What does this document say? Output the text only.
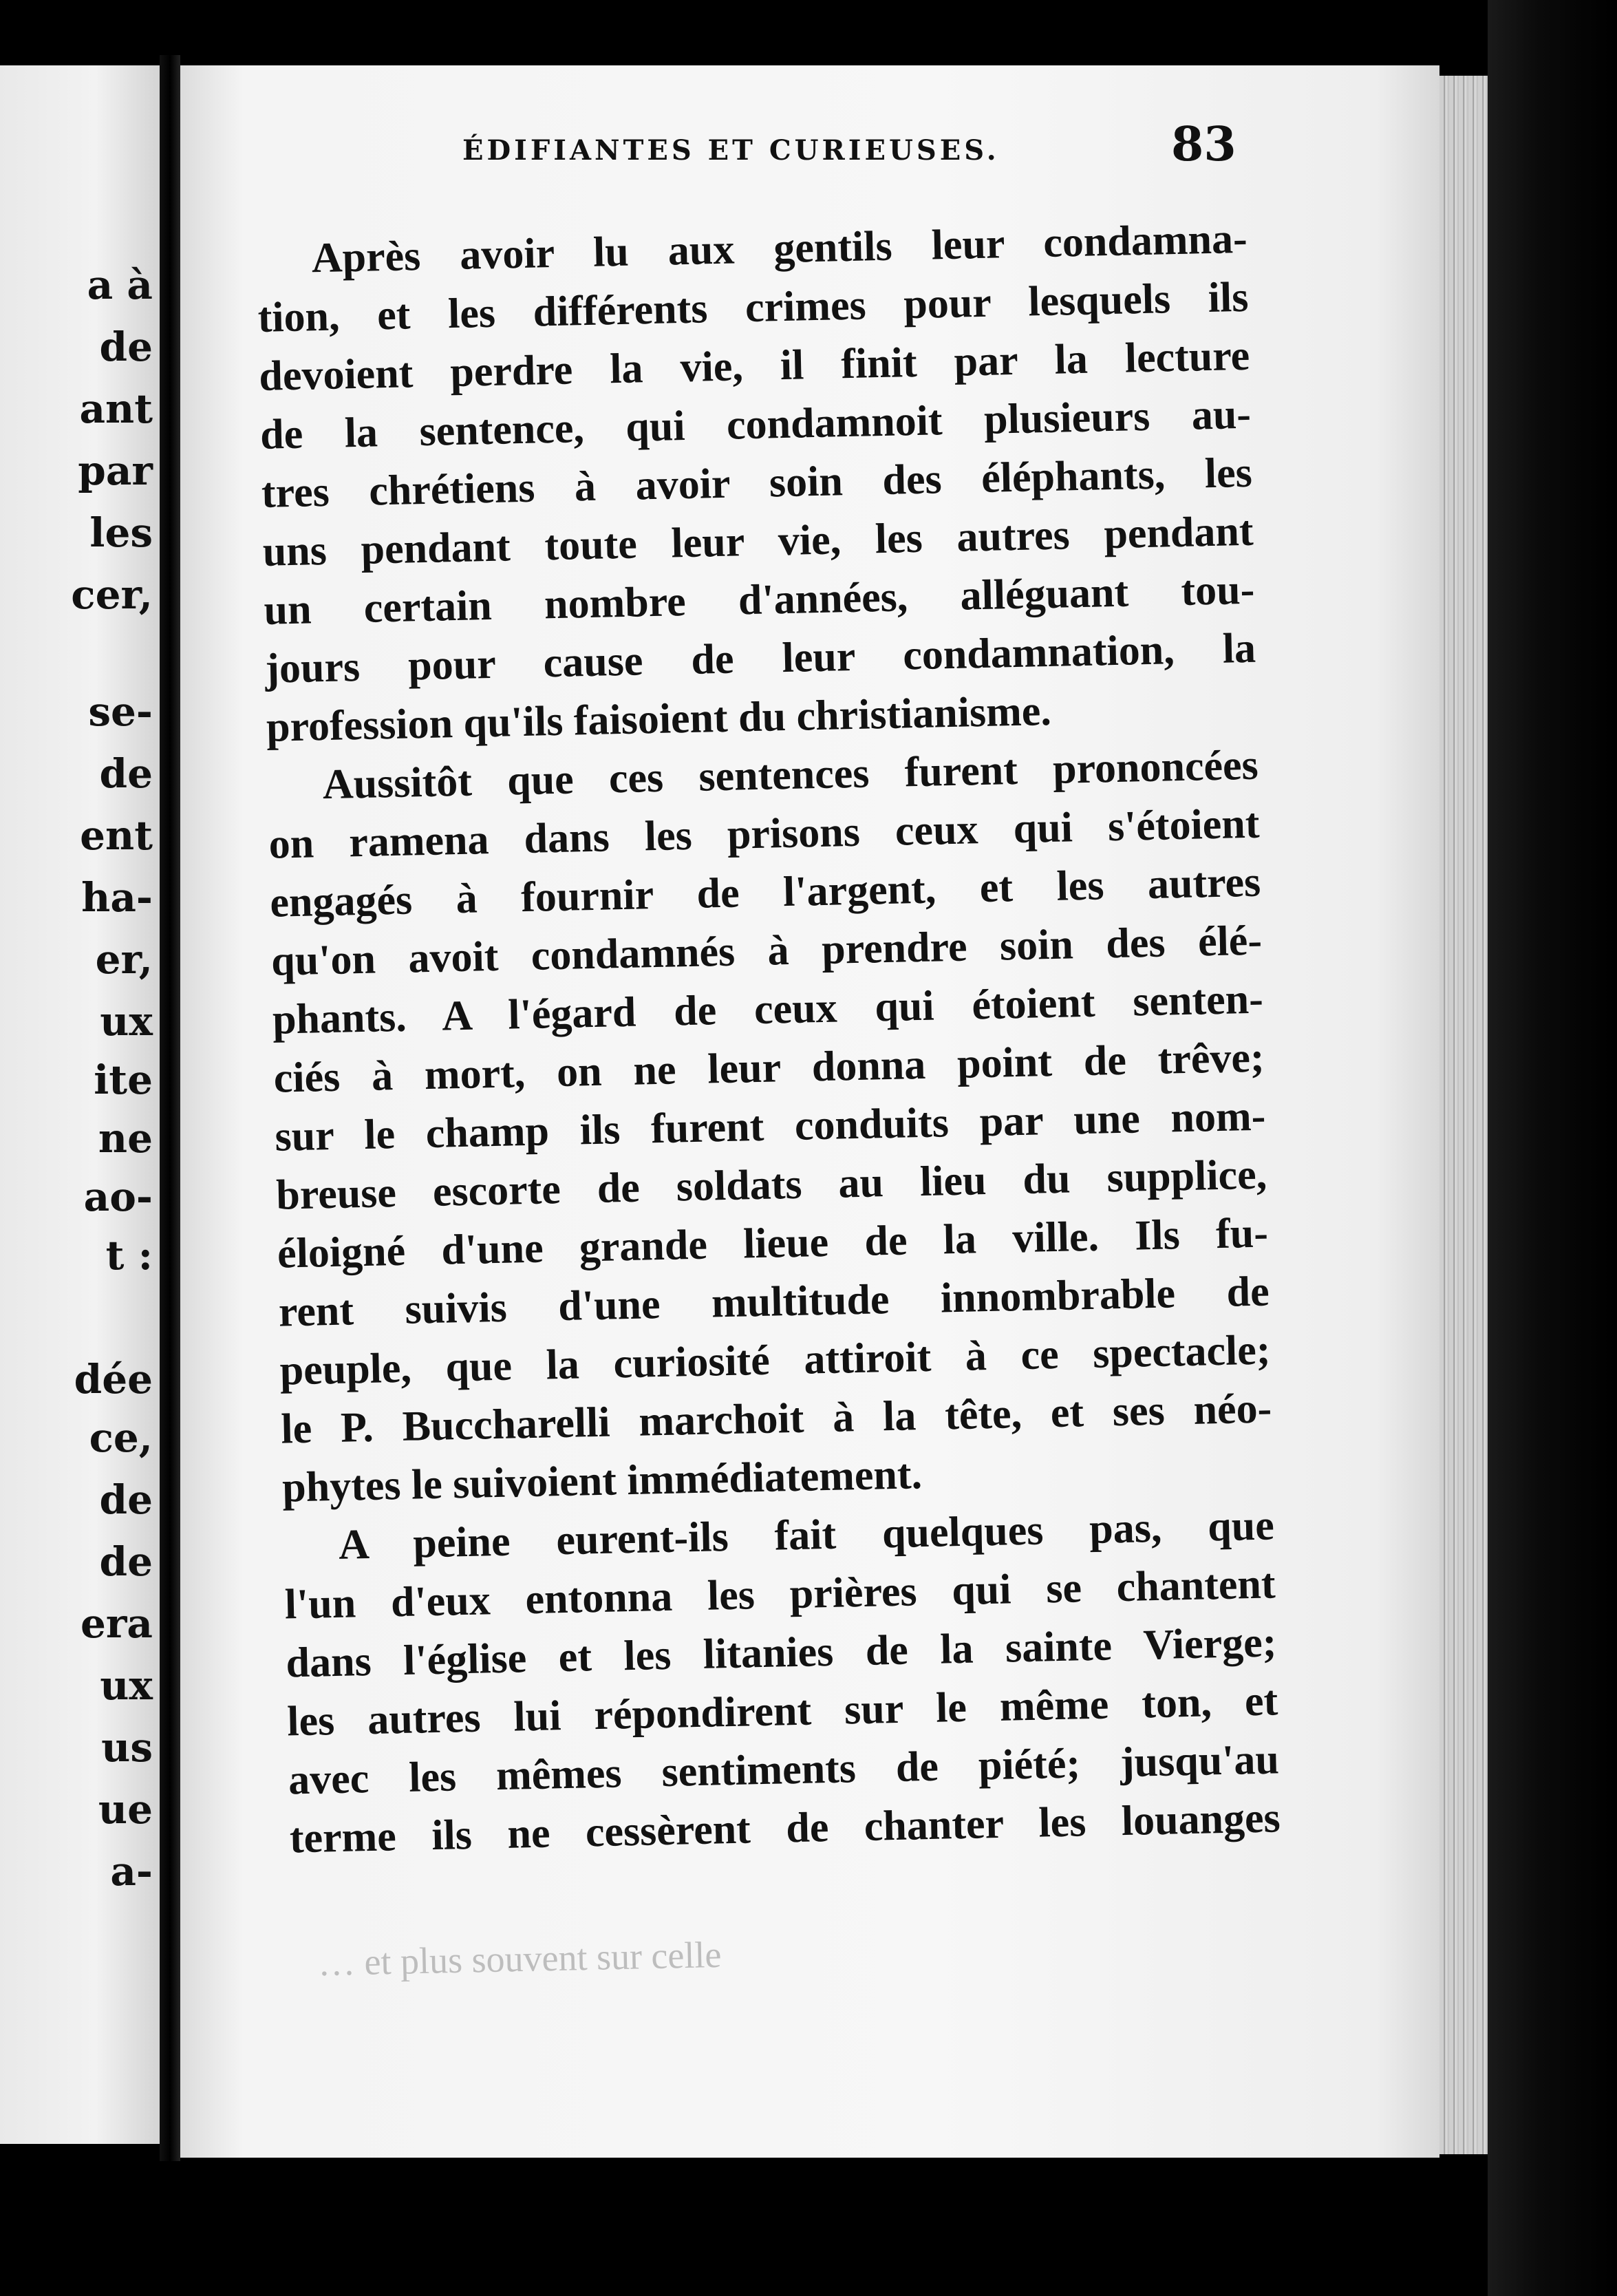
a à
de
ant
par
les
cer,
se-
de
ent
ha-
er,
ux
ite
ne
ao-
t :
dée
ce,
de
de
era
ux
us
ue
a-
ÉDIFIANTES ET CURIEUSES.	83
Après avoir lu aux gentils leur condamna-
tion, et les différents crimes pour lesquels ils
devoient perdre la vie, il finit par la lecture
de la sentence, qui condamnoit plusieurs au-
tres chrétiens à avoir soin des éléphants, les
uns pendant toute leur vie, les autres pendant
un certain nombre d'années, alléguant tou-
jours pour cause de leur condamnation, la
profession qu'ils faisoient du christianisme.
Aussitôt que ces sentences furent prononcées
on ramena dans les prisons ceux qui s'étoient
engagés à fournir de l'argent, et les autres
qu'on avoit condamnés à prendre soin des élé-
phants. A l'égard de ceux qui étoient senten-
ciés à mort, on ne leur donna point de trêve;
sur le champ ils furent conduits par une nom-
breuse escorte de soldats au lieu du supplice,
éloigné d'une grande lieue de la ville. Ils fu-
rent suivis d'une multitude innombrable de
peuple, que la curiosité attiroit à ce spectacle;
le P. Buccharelli marchoit à la tête, et ses néo-
phytes le suivoient immédiatement.
A peine eurent-ils fait quelques pas, que
l'un d'eux entonna les prières qui se chantent
dans l'église et les litanies de la sainte Vierge;
les autres lui répondirent sur le même ton, et
avec les mêmes sentiments de piété; jusqu'au
terme ils ne cessèrent de chanter les louanges
… et plus souvent sur celle
